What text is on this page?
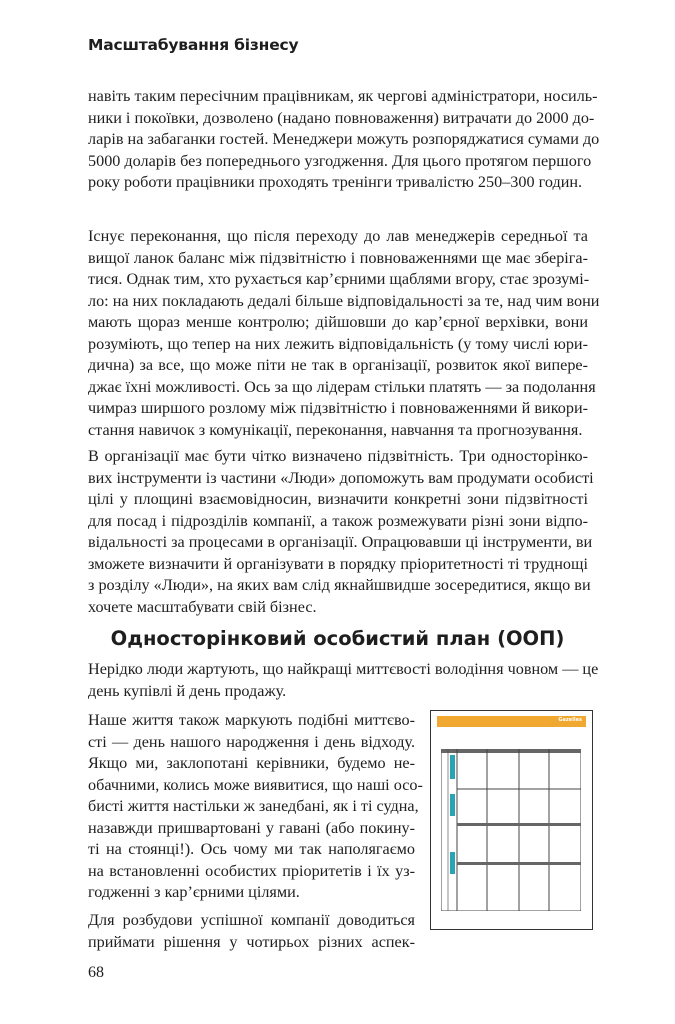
Масштабування бізнесу
навіть таким пересічним працівникам, як чергові адміністратори, носиль-
ники і покоївки, дозволено (надано повноваження) витрачати до 2000 до-
ларів на забаганки гостей. Менеджери можуть розпоряджатися сумами до
5000 доларів без попереднього узгодження. Для цього протягом першого
року роботи працівники проходять тренінги тривалістю 250–300 годин.
Існує переконання, що після переходу до лав менеджерів середньої та
вищої ланок баланс між підзвітністю і повноваженнями ще має зберіга-
тися. Однак тим, хто рухається кар’єрними щаблями вгору, стає зрозумі-
ло: на них покладають дедалі більше відповідальності за те, над чим вони
мають щораз менше контролю; дійшовши до кар’єрної верхівки, вони
розуміють, що тепер на них лежить відповідальність (у тому числі юри-
дична) за все, що може піти не так в організації, розвиток якої випере-
джає їхні можливості. Ось за що лідерам стільки платять — за подолання
чимраз ширшого розлому між підзвітністю і повноваженнями й викори-
стання навичок з комунікації, переконання, навчання та прогнозування.
В організації має бути чітко визначено підзвітність. Три односторінко-
вих інструменти із частини «Люди» допоможуть вам продумати особисті
цілі у площині взаємовідносин, визначити конкретні зони підзвітності
для посад і підрозділів компанії, а також розмежувати різні зони відпо-
відальності за процесами в організації. Опрацювавши ці інструменти, ви
зможете визначити й організувати в порядку пріоритетності ті труднощі
з розділу «Люди», на яких вам слід якнайшвидше зосередитися, якщо ви
хочете масштабувати свій бізнес.
Односторінковий особистий план (ООП)
Нерідко люди жартують, що найкращі миттєвості володіння човном — це
день купівлі й день продажу.
Наше життя також маркують подібні миттєво-
сті — день нашого народження і день відходу.
Якщо ми, заклопотані керівники, будемо не-
обачними, колись може виявитися, що наші осо-
бисті життя настільки ж занедбані, як і ті судна,
назавжди пришвартовані у гавані (або покину-
ті на стоянці!). Ось чому ми так наполягаємо
на встановленні особистих пріоритетів і їх уз-
годженні з кар’єрними цілями.
Для розбудови успішної компанії доводиться
приймати рішення у чотирьох різних аспек-
Gazelles
68
